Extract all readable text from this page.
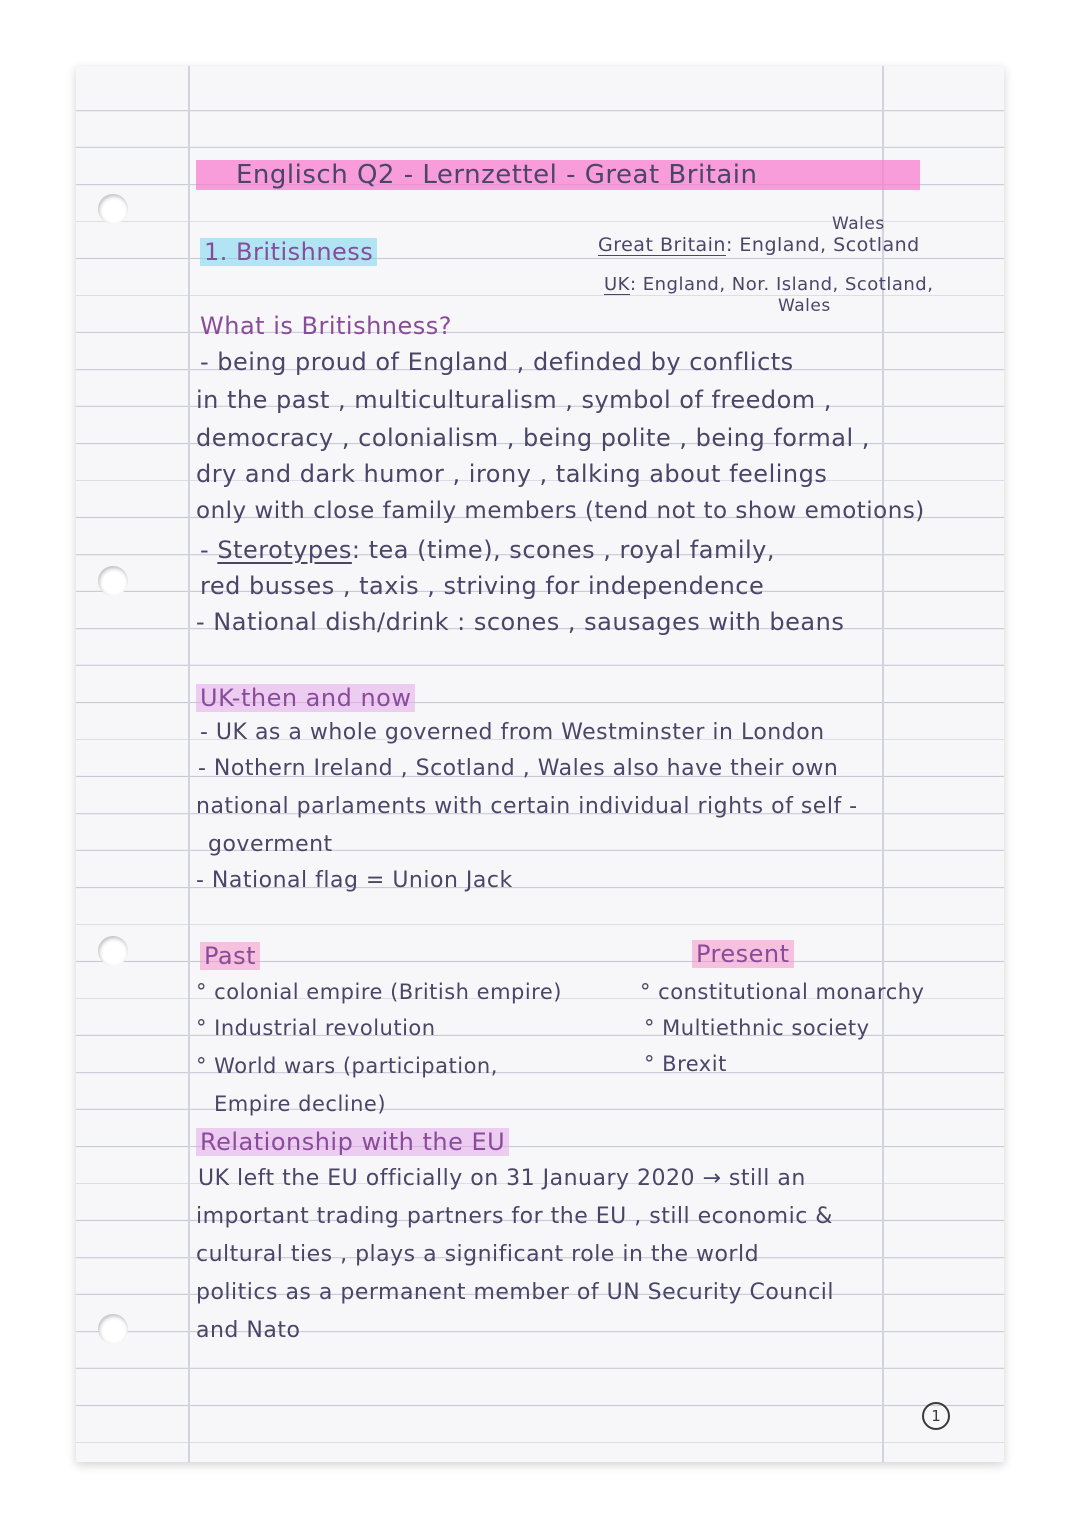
Englisch Q2 - Lernzettel - Great Britain
1. Britishness
Wales
Great Britain: England, Scotland
UK: England, Nor. Island, Scotland,
Wales
What is Britishness?
- being proud of England , definded by conflicts
in the past , multiculturalism , symbol of freedom ,
democracy , colonialism , being polite , being formal ,
dry and dark humor , irony , talking about feelings
only with close family members (tend not to show emotions)
- Sterotypes: tea (time), scones , royal family,
red busses , taxis , striving for independence
- National dish/drink : scones , sausages with beans
UK-then and now
- UK as a whole governed from Westminster in London
- Nothern Ireland , Scotland , Wales also have their own
national parlaments with certain individual rights of self -
goverment
- National flag = Union Jack
Past	Present
° colonial empire (British empire)
° Industrial revolution
° World wars (participation,
Empire decline)
° constitutional monarchy
° Multiethnic society
° Brexit
Relationship with the EU
UK left the EU officially on 31 January 2020 → still an
important trading partners for the EU , still economic &
cultural ties , plays a significant role in the world
politics as a permanent member of UN Security Council
and Nato
1
